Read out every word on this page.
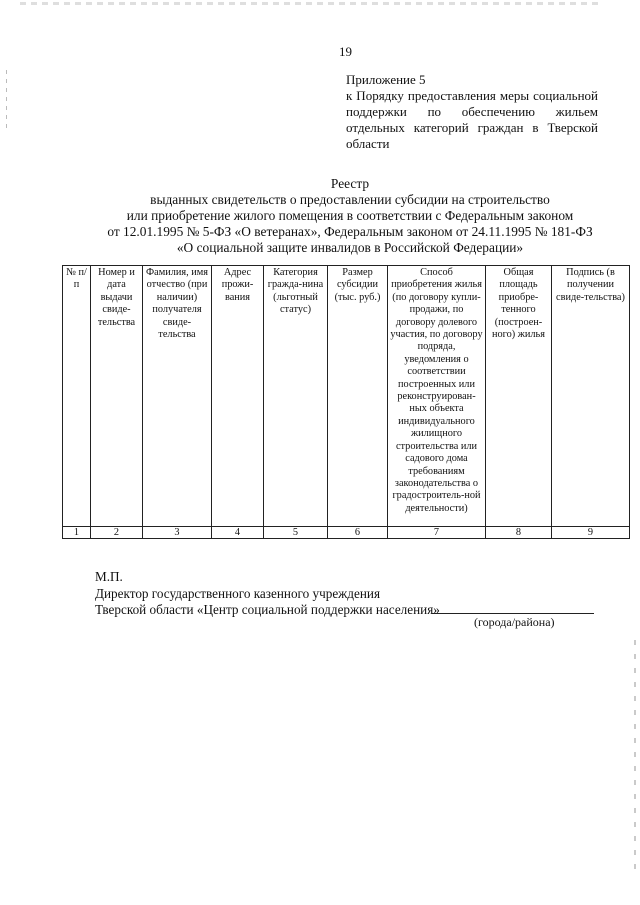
19
Приложение 5
к Порядку предоставления меры социальной поддержки по обеспечению жильем отдельных категорий граждан в Тверской области
Реестр
выданных свидетельств о предоставлении субсидии на строительство
или приобретение жилого помещения в соответствии с Федеральным законом
от 12.01.1995 № 5-ФЗ «О ветеранах», Федеральным законом от 24.11.1995 № 181-ФЗ
«О социальной защите инвалидов в Российской Федерации»
№ п/п	Номер и дата выдачи свиде-тельства	Фамилия, имя отчество (при наличии) получателя свиде-тельства	Адрес прожи-вания	Категория гражда-нина (льготный статус)	Размер субсидии (тыс. руб.)	Способ приобретения жилья (по договору купли-продажи, по договору долевого участия, по договору подряда, уведомления о соответствии построенных или реконструирован-ных объекта индивидуального жилищного строительства или садового дома требованиям законодательства о градостроитель-ной деятельности)	Общая площадь приобре-тенного (построен-ного) жилья	Подпись (в получении свиде-тельства)
1	2	3	4	5	6	7	8	9
М.П.
Директор государственного казенного учреждения
Тверской области «Центр социальной поддержки населения»
(города/района)
